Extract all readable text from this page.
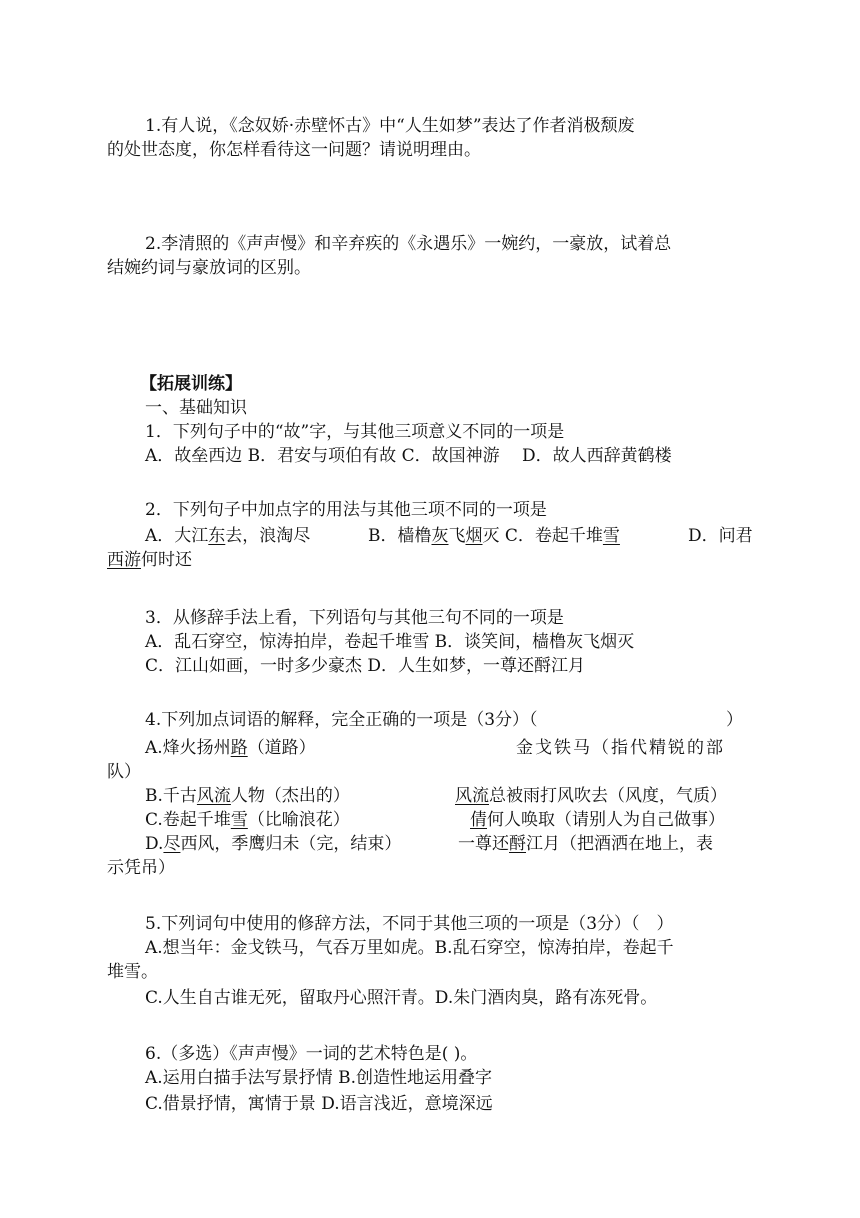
1.有人说，《念奴娇·赤壁怀古》中“人生如梦”表达了作者消极颓废
的处世态度，你怎样看待这一问题？请说明理由。
2.李清照的《声声慢》和辛弃疾的《永遇乐》一婉约，一豪放，试着总
结婉约词与豪放词的区别。
【拓展训练】
一、基础知识
1．下列句子中的“故”字，与其他三项意义不同的一项是
A．故垒西边 B．君安与项伯有故 C．故国神游　 D．故人西辞黄鹤楼
2．下列句子中加点字的用法与其他三项不同的一项是
A．大江东去，浪淘尽	B．樯橹灰飞烟灭 C．卷起千堆雪	D．问君
西游何时还
3．从修辞手法上看，下列语句与其他三句不同的一项是
A．乱石穿空，惊涛拍岸，卷起千堆雪 B．谈笑间，樯橹灰飞烟灭
C．江山如画，一时多少豪杰 D．人生如梦，一尊还酹江月
4.下列加点词语的解释，完全正确的一项是（3分）（	）
A.烽火扬州路（道路）	金戈铁马（指代精锐的部
队）
B.千古风流人物（杰出的）	风流总被雨打风吹去（风度，气质）
C.卷起千堆雪（比喻浪花）	倩何人唤取（请别人为自己做事）
D.尽西风，季鹰归未（完，结束）	一尊还酹江月（把酒洒在地上，表
示凭吊）
5.下列词句中使用的修辞方法，不同于其他三项的一项是（3分）（　）
A.想当年：金戈铁马，气吞万里如虎。B.乱石穿空，惊涛拍岸，卷起千
堆雪。
C.人生自古谁无死，留取丹心照汗青。D.朱门酒肉臭，路有冻死骨。
6.（多选）《声声慢》一词的艺术特色是( )。
A.运用白描手法写景抒情 B.创造性地运用叠字
C.借景抒情，寓情于景 D.语言浅近，意境深远
